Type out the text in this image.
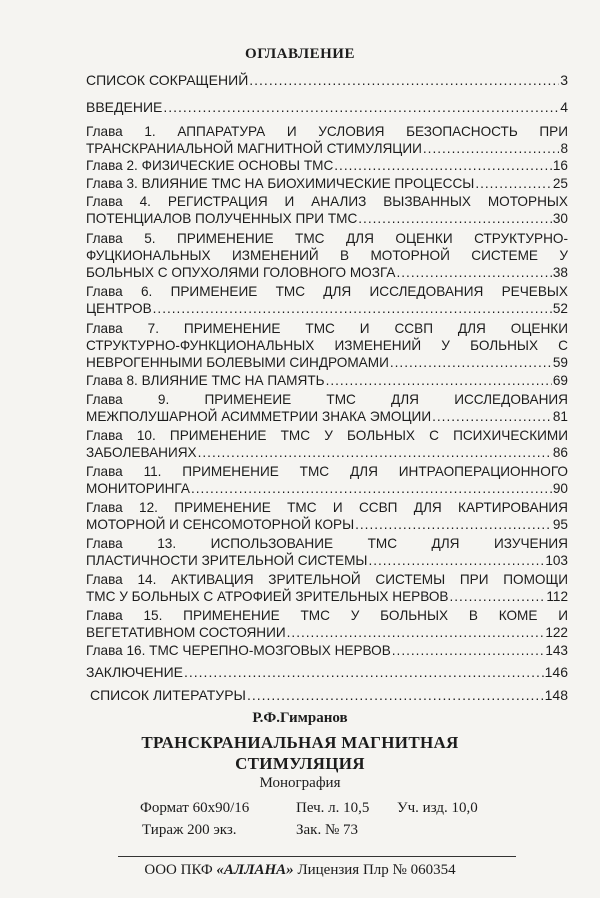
ОГЛАВЛЕНИЕ
СПИСОК СОКРАЩЕНИЙ .....	3
ВВЕДЕНИЕ .....	4
Глава 1. АППАРАТУРА И УСЛОВИЯ БЕЗОПАСНОСТЬ ПРИ
ТРАНСКРАНИАЛЬНОЙ МАГНИТНОЙ СТИМУЛЯЦИИ .....	8
Глава 2. ФИЗИЧЕСКИЕ ОСНОВЫ ТМС .....	16
Глава 3. ВЛИЯНИЕ ТМС НА БИОХИМИЧЕСКИЕ ПРОЦЕССЫ .....	25
Глава 4. РЕГИСТРАЦИЯ И АНАЛИЗ ВЫЗВАННЫХ МОТОРНЫХ
ПОТЕНЦИАЛОВ ПОЛУЧЕННЫХ ПРИ ТМС .....	30
Глава 5. ПРИМЕНЕНИЕ ТМС ДЛЯ ОЦЕНКИ СТРУКТУРНО-
ФУЦКИОНАЛЬНЫХ ИЗМЕНЕНИЙ В МОТОРНОЙ СИСТЕМЕ У
БОЛЬНЫХ С ОПУХОЛЯМИ ГОЛОВНОГО МОЗГА .....	38
Глава 6. ПРИМЕНЕИЕ ТМС ДЛЯ ИССЛЕДОВАНИЯ РЕЧЕВЫХ
ЦЕНТРОВ .....	52
Глава 7. ПРИМЕНЕНИЕ ТМС И ССВП ДЛЯ ОЦЕНКИ
СТРУКТУРНО-ФУНКЦИОНАЛЬНЫХ ИЗМЕНЕНИЙ У БОЛЬНЫХ С
НЕВРОГЕННЫМИ БОЛЕВЫМИ СИНДРОМАМИ .....	59
Глава 8. ВЛИЯНИЕ ТМС НА ПАМЯТЬ .....	69
Глава 9. ПРИМЕНЕИЕ ТМС ДЛЯ ИССЛЕДОВАНИЯ
МЕЖПОЛУШАРНОЙ АСИММЕТРИИ ЗНАКА ЭМОЦИИ .....	81
Глава 10. ПРИМЕНЕНИЕ ТМС У БОЛЬНЫХ С ПСИХИЧЕСКИМИ
ЗАБОЛЕВАНИЯХ .....	86
Глава 11. ПРИМЕНЕНИЕ ТМС ДЛЯ ИНТРАОПЕРАЦИОННОГО
МОНИТОРИНГА .....	90
Глава 12. ПРИМЕНЕНИЕ ТМС И ССВП ДЛЯ КАРТИРОВАНИЯ
МОТОРНОЙ И СЕНСОМОТОРНОЙ КОРЫ .....	95
Глава 13. ИСПОЛЬЗОВАНИЕ ТМС ДЛЯ ИЗУЧЕНИЯ
ПЛАСТИЧНОСТИ ЗРИТЕЛЬНОЙ СИСТЕМЫ .....	103
Глава 14. АКТИВАЦИЯ ЗРИТЕЛЬНОЙ СИСТЕМЫ ПРИ ПОМОЩИ
ТМС У БОЛЬНЫХ С АТРОФИЕЙ ЗРИТЕЛЬНЫХ НЕРВОВ .....	112
Глава 15. ПРИМЕНЕНИЕ ТМС У БОЛЬНЫХ В КОМЕ И
ВЕГЕТАТИВНОМ СОСТОЯНИИ .....	122
Глава 16. ТМС ЧЕРЕПНО-МОЗГОВЫХ НЕРВОВ .....	143
ЗАКЛЮЧЕНИЕ .....	146
СПИСОК ЛИТЕРАТУРЫ .....	148
Р.Ф.Гимранов
ТРАНСКРАНИАЛЬНАЯ МАГНИТНАЯ
СТИМУЛЯЦИЯ
Монография
Формат 60х90/16	Печ. л. 10,5 Уч. изд. 10,0
Тираж 200 экз.	Зак. № 73
ООО ПКФ «АЛЛАНА» Лицензия Плр № 060354
